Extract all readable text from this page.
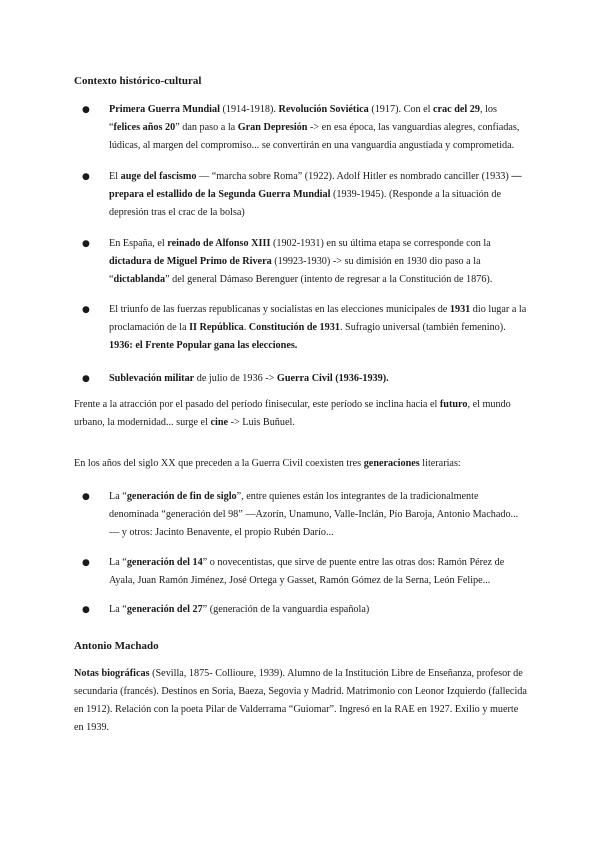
Contexto histórico-cultural
● Primera Guerra Mundial (1914-1918). Revolución Soviética (1917). Con el crac del 29, los “felices años 20” dan paso a la Gran Depresión -> en esa época, las vanguardias alegres, confiadas, lúdicas, al margen del compromiso... se convertirán en una vanguardia angustiada y comprometida.
● El auge del fascismo — “marcha sobre Roma” (1922). Adolf Hitler es nombrado canciller (1933) — prepara el estallido de la Segunda Guerra Mundial (1939-1945). (Responde a la situación de depresión tras el crac de la bolsa)
● En España, el reinado de Alfonso XIII (1902-1931) en su última etapa se corresponde con la dictadura de Miguel Primo de Rivera (19923-1930) -> su dimisión en 1930 dio paso a la “dictablanda” del general Dámaso Berenguer (intento de regresar a la Constitución de 1876).
● El triunfo de las fuerzas republicanas y socialistas en las elecciones municipales de 1931 dio lugar a la proclamación de la II República. Constitución de 1931. Sufragio universal (también femenino). 1936: el Frente Popular gana las elecciones.
● Sublevación militar de julio de 1936 -> Guerra Civil (1936-1939).

Frente a la atracción por el pasado del período finisecular, este período se inclina hacia el futuro, el mundo urbano, la modernidad... surge el cine -> Luis Buñuel.

En los años del siglo XX que preceden a la Guerra Civil coexisten tres generaciones literarias:

● La “generación de fin de siglo”, entre quienes están los integrantes de la tradicionalmente denominada “generación del 98” —Azorín, Unamuno, Valle-Inclán, Pío Baroja, Antonio Machado... — y otros: Jacinto Benavente, el propio Rubén Darío...
● La “generación del 14” o novecentistas, que sirve de puente entre las otras dos: Ramón Pérez de Ayala, Juan Ramón Jiménez, José Ortega y Gasset, Ramón Gómez de la Serna, León Felipe...
● La “generación del 27” (generación de la vanguardia española)
Antonio Machado

Notas biográficas (Sevilla, 1875- Collioure, 1939). Alumno de la Institución Libre de Enseñanza, profesor de secundaria (francés). Destinos en Soria, Baeza, Segovia y Madrid. Matrimonio con Leonor Izquierdo (fallecida en 1912). Relación con la poeta Pilar de Valderrama “Guiomar”. Ingresó en la RAE en 1927. Exilio y muerte en 1939.
